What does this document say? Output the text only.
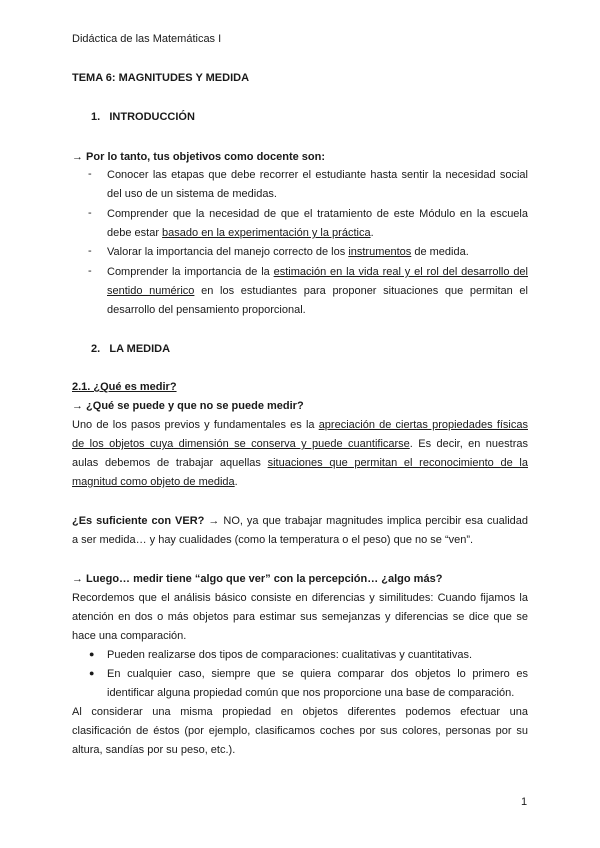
Didáctica de las Matemáticas I
TEMA 6: MAGNITUDES Y MEDIDA
1. INTRODUCCIÓN
→ Por lo tanto, tus objetivos como docente son:
- Conocer las etapas que debe recorrer el estudiante hasta sentir la necesidad social
del uso de un sistema de medidas.
- Comprender que la necesidad de que el tratamiento de este Módulo en la escuela
debe estar basado en la experimentación y la práctica.
- Valorar la importancia del manejo correcto de los instrumentos de medida.
- Comprender la importancia de la estimación en la vida real y el rol del desarrollo del
sentido numérico en los estudiantes para proponer situaciones que permitan el
desarrollo del pensamiento proporcional.
2. LA MEDIDA
2.1. ¿Qué es medir?
→ ¿Qué se puede y que no se puede medir?
Uno de los pasos previos y fundamentales es la apreciación de ciertas propiedades físicas
de los objetos cuya dimensión se conserva y puede cuantificarse. Es decir, en nuestras
aulas debemos de trabajar aquellas situaciones que permitan el reconocimiento de la
magnitud como objeto de medida.
¿Es suficiente con VER? → NO, ya que trabajar magnitudes implica percibir esa cualidad
a ser medida… y hay cualidades (como la temperatura o el peso) que no se “ven”.
→ Luego… medir tiene “algo que ver” con la percepción… ¿algo más?
Recordemos que el análisis básico consiste en diferencias y similitudes: Cuando fijamos la
atención en dos o más objetos para estimar sus semejanzas y diferencias se dice que se
hace una comparación.
● Pueden realizarse dos tipos de comparaciones: cualitativas y cuantitativas.
● En cualquier caso, siempre que se quiera comparar dos objetos lo primero es
identificar alguna propiedad común que nos proporcione una base de comparación.
Al considerar una misma propiedad en objetos diferentes podemos efectuar una
clasificación de éstos (por ejemplo, clasificamos coches por sus colores, personas por su
altura, sandías por su peso, etc.).
1
